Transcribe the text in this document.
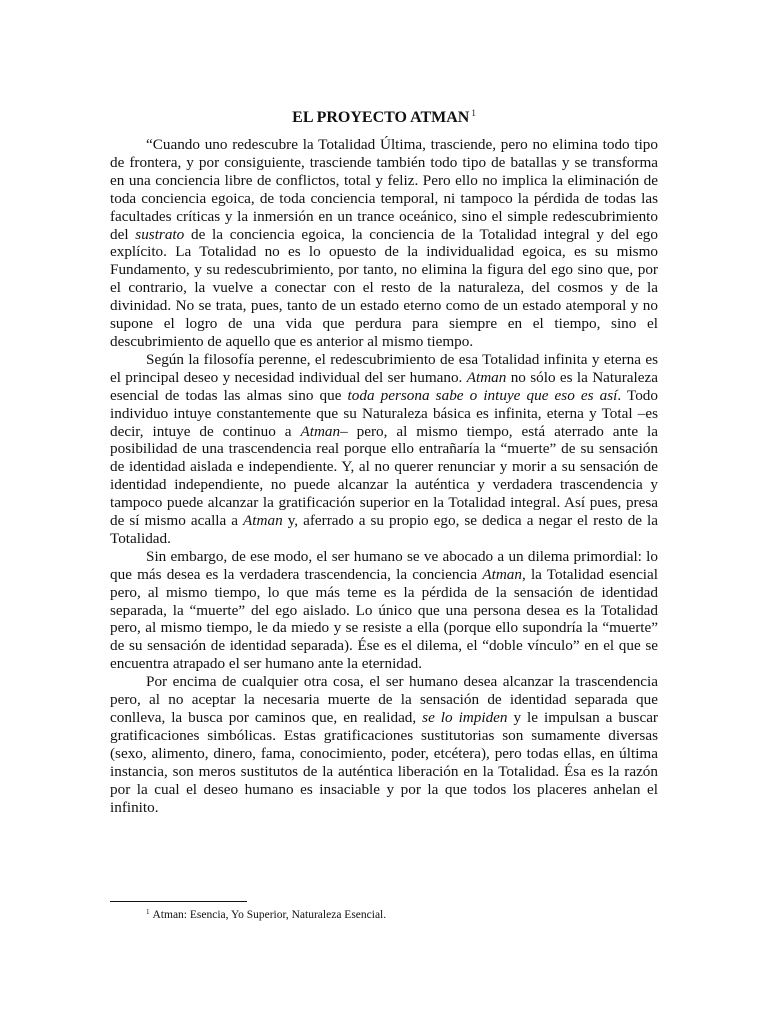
EL PROYECTO ATMAN $^1$

“Cuando uno redescubre la Totalidad Última, trasciende, pero no elimina todo tipo de frontera, y por consiguiente, trasciende también todo tipo de batallas y se transforma en una conciencia libre de conflictos, total y feliz. Pero ello no implica la eliminación de toda conciencia egoica, de toda conciencia temporal, ni tampoco la pérdida de todas las facultades críticas y la inmersión en un trance oceánico, sino el simple redescubrimiento del sustrato de la conciencia egoica, la conciencia de la Totalidad integral y del ego explícito. La Totalidad no es lo opuesto de la individualidad egoica, es su mismo Fundamento, y su redescubrimiento, por tanto, no elimina la figura del ego sino que, por el contrario, la vuelve a conectar con el resto de la naturaleza, del cosmos y de la divinidad. No se trata, pues, tanto de un estado eterno como de un estado atemporal y no supone el logro de una vida que perdura para siempre en el tiempo, sino el descubrimiento de aquello que es anterior al mismo tiempo.

Según la filosofía perenne, el redescubrimiento de esa Totalidad infinita y eterna es el principal deseo y necesidad individual del ser humano. Atman no sólo es la Naturaleza esencial de todas las almas sino que toda persona sabe o intuye que eso es así. Todo individuo intuye constantemente que su Naturaleza básica es infinita, eterna y Total –es decir, intuye de continuo a Atman– pero, al mismo tiempo, está aterrado ante la posibilidad de una trascendencia real porque ello entrañaría la “muerte” de su sensación de identidad aislada e independiente. Y, al no querer renunciar y morir a su sensación de identidad independiente, no puede alcanzar la auténtica y verdadera trascendencia y tampoco puede alcanzar la gratificación superior en la Totalidad integral. Así pues, presa de sí mismo acalla a Atman y, aferrado a su propio ego, se dedica a negar el resto de la Totalidad.

Sin embargo, de ese modo, el ser humano se ve abocado a un dilema primordial: lo que más desea es la verdadera trascendencia, la conciencia Atman, la Totalidad esencial pero, al mismo tiempo, lo que más teme es la pérdida de la sensación de identidad separada, la “muerte” del ego aislado. Lo único que una persona desea es la Totalidad pero, al mismo tiempo, le da miedo y se resiste a ella (porque ello supondría la “muerte” de su sensación de identidad separada). Ése es el dilema, el “doble vínculo” en el que se encuentra atrapado el ser humano ante la eternidad.

Por encima de cualquier otra cosa, el ser humano desea alcanzar la trascendencia pero, al no aceptar la necesaria muerte de la sensación de identidad separada que conlleva, la busca por caminos que, en realidad, se lo impiden y le impulsan a buscar gratificaciones simbólicas. Estas gratificaciones sustitutorias son sumamente diversas (sexo, alimento, dinero, fama, conocimiento, poder, etcétera), pero todas ellas, en última instancia, son meros sustitutos de la auténtica liberación en la Totalidad. Ésa es la razón por la cual el deseo humano es insaciable y por la que todos los placeres anhelan el infinito.

$^1$ Atman: Esencia, Yo Superior, Naturaleza Esencial.
